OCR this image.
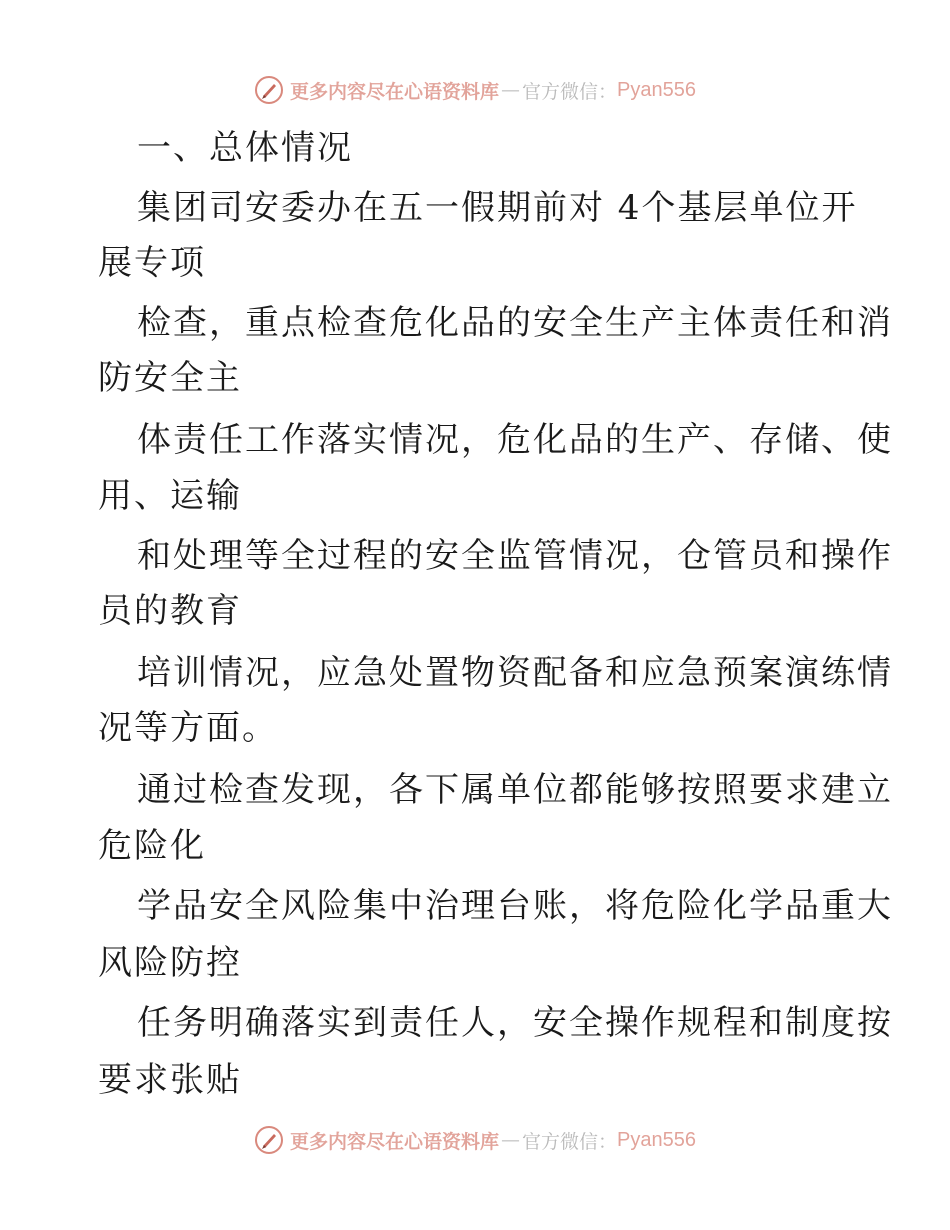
更多内容尽在心语资料库 — 官方微信： Pyan556
一、总体情况
集团司安委办在五一假期前对 4个基层单位开
展专项
检查，重点检查危化品的安全生产主体责任和消
防安全主
体责任工作落实情况，危化品的生产、存储、使
用、运输
和处理等全过程的安全监管情况，仓管员和操作
员的教育
培训情况，应急处置物资配备和应急预案演练情
况等方面。
通过检查发现，各下属单位都能够按照要求建立
危险化
学品安全风险集中治理台账，将危险化学品重大
风险防控
任务明确落实到责任人，安全操作规程和制度按
要求张贴
更多内容尽在心语资料库 — 官方微信： Pyan556
